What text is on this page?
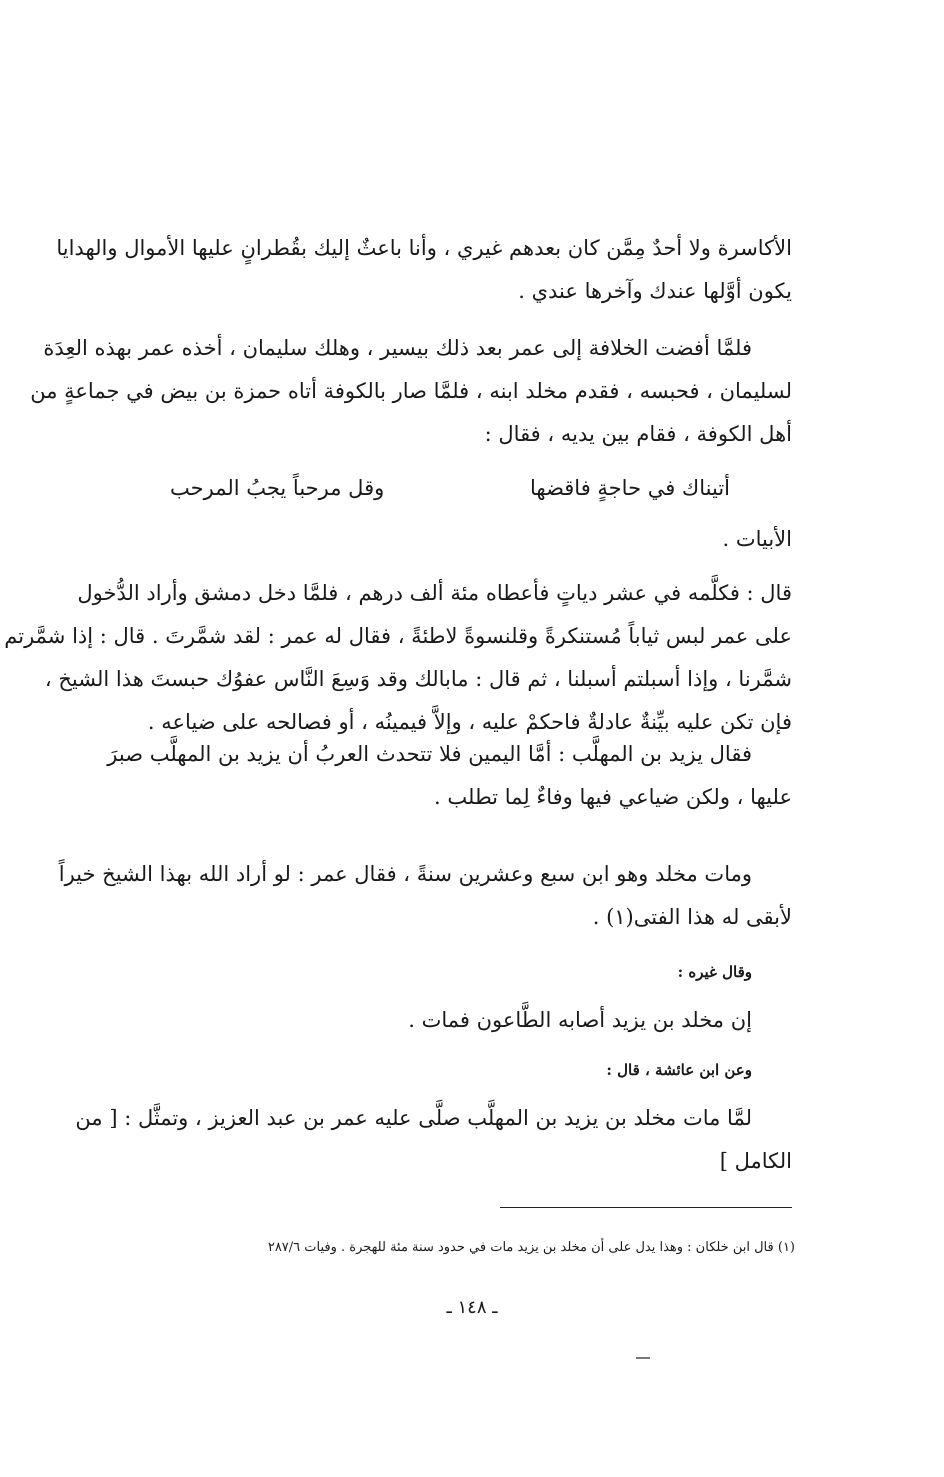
الأكاسرة ولا أحدٌ مِمَّن كان بعدهم غيري ، وأنا باعثٌ إليك بقُطرانٍ عليها الأموال والهدايا
يكون أوَّلها عندك وآخرها عندي .
فلمَّا أفضت الخلافة إلى عمر بعد ذلك بيسير ، وهلك سليمان ، أخذه عمر بهذه العِدَة
لسليمان ، فحبسه ، فقدم مخلد ابنه ، فلمَّا صار بالكوفة أتاه حمزة بن بيض في جماعةٍ من
أهل الكوفة ، فقام بين يديه ، فقال :
أتيناك في حاجةٍ فاقضها
وقل مرحباً يجبُ المرحب
الأبيات .
قال : فكلَّمه في عشر دياتٍ فأعطاه مئة ألف درهم ، فلمَّا دخل دمشق وأراد الدُّخول
على عمر لبس ثياباً مُستنكرةً وقلنسوةً لاطئةً ، فقال له عمر : لقد شمَّرتَ . قال : إذا شمَّرتم
شمَّرنا ، وإذا أسبلتم أسبلنا ، ثم قال : مابالك وقد وَسِعَ النَّاس عفوُك حبستَ هذا الشيخ ،
فإن تكن عليه بيِّنةٌ عادلةٌ فاحكمْ عليه ، وإلاَّ فيمينُه ، أو فصالحه على ضياعه .
فقال يزيد بن المهلَّب : أمَّا اليمين فلا تتحدث العربُ أن يزيد بن المهلَّب صبرَ
عليها ، ولكن ضياعي فيها وفاءٌ لِما تطلب .
ومات مخلد وهو ابن سبع وعشرين سنةً ، فقال عمر : لو أراد الله بهذا الشيخ خيراً
لأبقى له هذا الفتى(١) .
وقال غيره :
إن مخلد بن يزيد أصابه الطَّاعون فمات .
وعن ابن عائشة ، قال :
لمَّا مات مخلد بن يزيد بن المهلَّب صلَّى عليه عمر بن عبد العزيز ، وتمثَّل : [ من
الكامل ]
(١) قال ابن خلكان : وهذا يدل على أن مخلد بن يزيد مات في حدود سنة مئة للهجرة . وفيات ٢٨٧/٦
ـ ١٤٨ ـ
